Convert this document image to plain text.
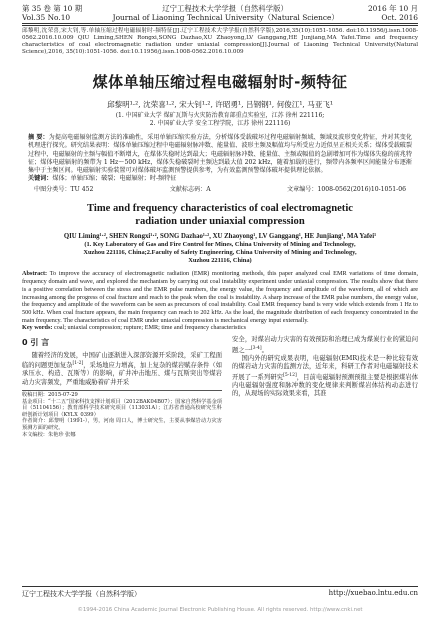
第 35 卷 第 10 期	辽宁工程技术大学学报（自然科学版）	2016 年 10 月
Vol.35 No.10	Journal of Liaoning Technical University（Natural Science）	Oct. 2016
邱黎明,沈荣喜,宋大钊,等.单轴压缩过程电磁辐射时-频特征[J].辽宁工程技术大学学报(自然科学版),2016,35(10):1051-1056. doi:10.11956/j.issn.1008-0562.2016.10.009 QIU Liming,SHEN Rongxi,SONG Dazhao,XU Zhaoyong,LV Ganggang,HE Junjiang,MA Yafei.Time and frequency characteristics of coal electromagnetic radiation under uniaxial compression[J].Journal of Liaoning Technical University(Natural Science),2016, 35(10):1051-1056. doi:10.11956/j.issn.1008-0562.2016.10.009
煤体单轴压缩过程电磁辐射时-频特征
邱黎明¹·², 沈荣喜¹·², 宋大钊¹·², 许昭勇¹, 吕钢钢¹, 何俊江¹, 马亚飞¹
(1. 中国矿业大学 煤矿瓦斯与火灾防治教育部重点实验室，江苏 徐州 221116;
2. 中国矿业大学 安全工程学院，江苏 徐州 221116)
摘 要：为提高电磁辐射监测方法的准确性，采用单轴压缩实验方法，分析煤体受载破坏过程电磁辐射频域、频域及波形变化特征，并对其变化机理进行探究。研究结果表明：煤体单轴压缩过程中电磁辐射脉冲数、能量值、波形主频及幅值均与所受应力近似呈正相关关系；煤体受载破裂过程中，电磁辐射的主频与幅值不断增大，在煤体失稳时达到最大；电磁辐射脉冲数、能量值、主频或幅值的急剧增加可作为煤体失稳的前兆特征；煤体电磁辐射的频带为 1 Hz～500 kHz，煤体失稳破裂时主频达到最大值 202 kHz，随着加载的进行，频带内各频率区间能量分布逐渐集中于主频区间。电磁辐射实验装置可对煤体破坏监测预警提供参考，为有效监测预警煤体破坏提供理论依据。
关键词：煤体；单轴压缩；破裂；电磁辐射；时-频特征
中图分类号：TU 452	文献标志码：A	文章编号：1008-0562(2016)10-1051-06
Time and frequency characteristics of coal electromagnetic
radiation under uniaxial compression
QIU Liming¹·², SHEN Rongxi¹·², SONG Dazhao¹·², XU Zhaoyong¹, LV Ganggang¹, HE Junjiang¹, MA Yafei¹
(1. Key Laboratory of Gas and Fire Control for Mines, China University of Mining and Technology,
Xuzhou 221116, China;2.Faculty of Safety Engineering, China University of Mining and Technology,
Xuzhou 221116, China)
Abstract: To improve the accuracy of electromagnetic radiation (EMR) monitoring methods, this paper analyzed coal EMR variations of time domain, frequency domain and wave, and explored the mechanism by carrying out coal instability experiment under uniaxial compression. The results show that there is a positive correlation between the stress and the EMR pulse numbers, the energy value, the frequency and amplitude of the waveform, all of which are increasing among the progress of coal fracture and reach to the peak when the coal is instability. A sharp increase of the EMR pulse numbers, the energy value, the frequency and amplitude of the waveform can be seen as precursors of coal instability. Coal EMR frequency band is very wide which extends from 1 Hz to 500 kHz. When coal fracture appears, the main frequency can reach to 202 kHz. As the load, the magnitude distribution of each frequency concentrated in the main frequency. The characteristics of coal EMR under uniaxial compression is mechanical energy input externally.
Key words: coal; uniaxial compression; rupture; EMR; time and frequency characteristics
0 引 言
随着经济的发展，中国矿山逐渐进入深部资源开采阶段，采矿工程面临的问题更加复杂[1-2]，采场地应力增高，加上复杂的煤岩赋存条件（如承压水、构造、瓦斯等）的影响，矿井冲击地压、煤与瓦斯突出等煤岩动力灾害频发，严重地威胁着矿井开采
收稿日期：2015-07-29
基金项目：“十二五”国家科技支撑计划项目（2012BAK04B07）；国家自然科学基金项目（51104156）；教育部科学技术研究项目（113031A）；江苏省普通高校研究生科研创新计划项目（KYLX_0399）
作者简介：邱黎明（1991-），男，河南 周口人，博士研究生，主要从事煤岩动力灾害预测方面的研究。
本文编校：朱艳珍 张娜
安全，对煤岩动力灾害的有效预防和治理已成为煤炭行业的紧迫问题之一[3-4]。
国内外的研究成果表明，电磁辐射(EMR)技术是一种比较有效的煤岩动力灾害的监测方法，近年来，科研工作者对电磁辐射技术开展了一系列研究[5-12]，目前电磁辐射预测预报主要是根据煤岩体内电磁辐射强度和脉冲数的变化规律来判断煤岩体结构动态进行的，从现场的实际效果来看，其准
辽宁工程技术大学学报（自然科学版）	http://xuebao.lntu.edu.cn
©1994-2016 China Academic Journal Electronic Publishing House. All rights reserved. http://www.cnki.net
